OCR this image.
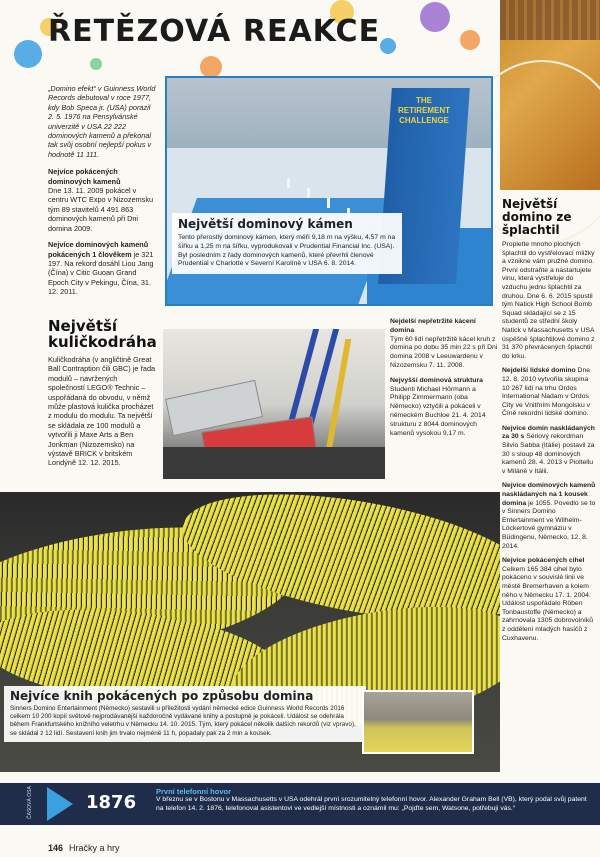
ŘETĚZOVÁ REAKCE
„Domino efekt“ v Guinness World Records debutoval v roce 1977, kdy Bob Speca jr. (USA) porazil 2. 5. 1976 na Pensylvánské univerzitě v USA 22 222 dominových kamenů a překonal tak svůj osobní nejlepší pokus v hodnotě 11 111.

Nejvíce pokácených dominových kamenů
Dne 13. 11. 2009 pokácel v centru WTC Expo v Nizozemsku tým 89 stavitelů 4 491 863 dominových kamenů při Dni domina 2009.

Nejvíce dominových kamenů pokácených 1 člověkem je 321 197. Na rekord dosáhl Liou Jang (Čína) v Citic Guoan Grand Epoch City v Pekingu, Čína, 31. 12. 2011.

Největší kuličkodráha
Kuličkodráha (v angličtině Great Ball Contraption čili GBC) je řada modulů – navržených společností LEGO® Technic – uspořádaná do obvodu, v němž může plastová kulička procházet z modulu do modulu. Ta největší se skládala ze 100 modulů a vytvořili ji Maxe Arts a Ben Jonkman (Nizozemsko) na výstavě BRICK v britském Londýně 12. 12. 2015.
THE RETIREMENT CHALLENGE
Největší dominový kámen
Tento přerostlý dominový kámen, který měří 9,18 m na výšku, 4,57 m na šířku a 1,25 m na šířku, vyprodukovali v Prudential Financial Inc. (USA). Byl posledním z řady dominových kamenů, které převrhli členové Prudential v Charlotte v Severní Karolíně v USA 6. 8. 2014.
Největší domino ze šplachtil

Proplette mnoho plochých šplachtil do vystřelovací mližky a vznikne vám pružné domino. První odstraňte a nastartujete vinu, která vystřeluje do vzduchu jednu šplachtil za druhou. Dne 6. 6. 2015 spustil tým Natick High School Bomb Squad skládající se z 15 studentů ze střední školy Natick v Massachusetts v USA úspěšné šplachtilové domino z 31 370 převrácených šplachtil do krku.

Nejdelší lidské domino Dne 12. 8. 2010 vytvořila skupina 10 267 lidí na trhu Ordos International Nadam v Ordos City ve Vnitřním Mongolsku v Číně rekordní lidské domino.

Nejvíce domin naskládaných za 30 s Sériový rekordman Silvio Sabba (Itálie) postavil za 30 s sloup 48 dominových kamenů 28. 4. 2013 v Pioltellu v Miláně v Itálii.

Nejvíce dominových kamenů naskládaných na 1 kousek domina je 1055. Povedlo se to v Sinners Domino Entertainment ve Wilhelm-Löckertově gymnáziu v Büdingenu, Německo, 12. 8. 2014.

Nejvíce pokácených cihel Celkem 165 384 cihel bylo pokáceno v souvislé linii ve městě Bremerhaven a kolem něho v Německu 17. 1. 2004. Událost uspořádalo Röben Tonbaustoffe (Německo) a zahrnovala 1305 dobrovolníků z oddělení mladých hasičů z Cuxhavenu.

Nejdelší nepřetržité kácení domina
Tým 60 lidí nepřetržitě kácel kruh z domina po dobu 35 min 22 s při Dni domina 2008 v Leeuwardenu v Nizozemsku 7. 11. 2008.

Nejvyšší dominová struktura
Studenti Michael Hörmann a Philipp Zimmermann (oba Německo) vztyčili a pokáceli v německém Buchloe 21. 4. 2014 strukturu z 8044 dominových kamenů vysokou 9,17 m.

Nejvíce knih pokácených po způsobu domina
Sinners Domino Entertainment (Německo) sestavili u příležitosti vydání německé edice Guinness World Records 2016 celkem 10 200 kopií světově nejprodávanější každoročně vydávané knihy a postupně je pokáceli. Událost se odehrála během Frankfurtského knižního veletrhu v Německu 14. 10. 2015. Tým, který pokácel několik dalších rekordů (viz vpravo), se skládal z 12 lidí. Sestavení knih jim trvalo nejméně 11 h, popadaly pak za 2 min a kousek.
ČASOVÁ OSA	1876
První telefonní hovor
V březnu se v Bostonu v Massachusetts v USA odehrál první srozumitelný telefonní hovor. Alexander Graham Bell (VB), který podal svůj patent na telefon 14. 2. 1876, telefonoval asistentovi ve vedlejší místnosti a oznámil mu: „Pojďte sem, Watsone, potřebuji vás.“
146 Hračky a hry
